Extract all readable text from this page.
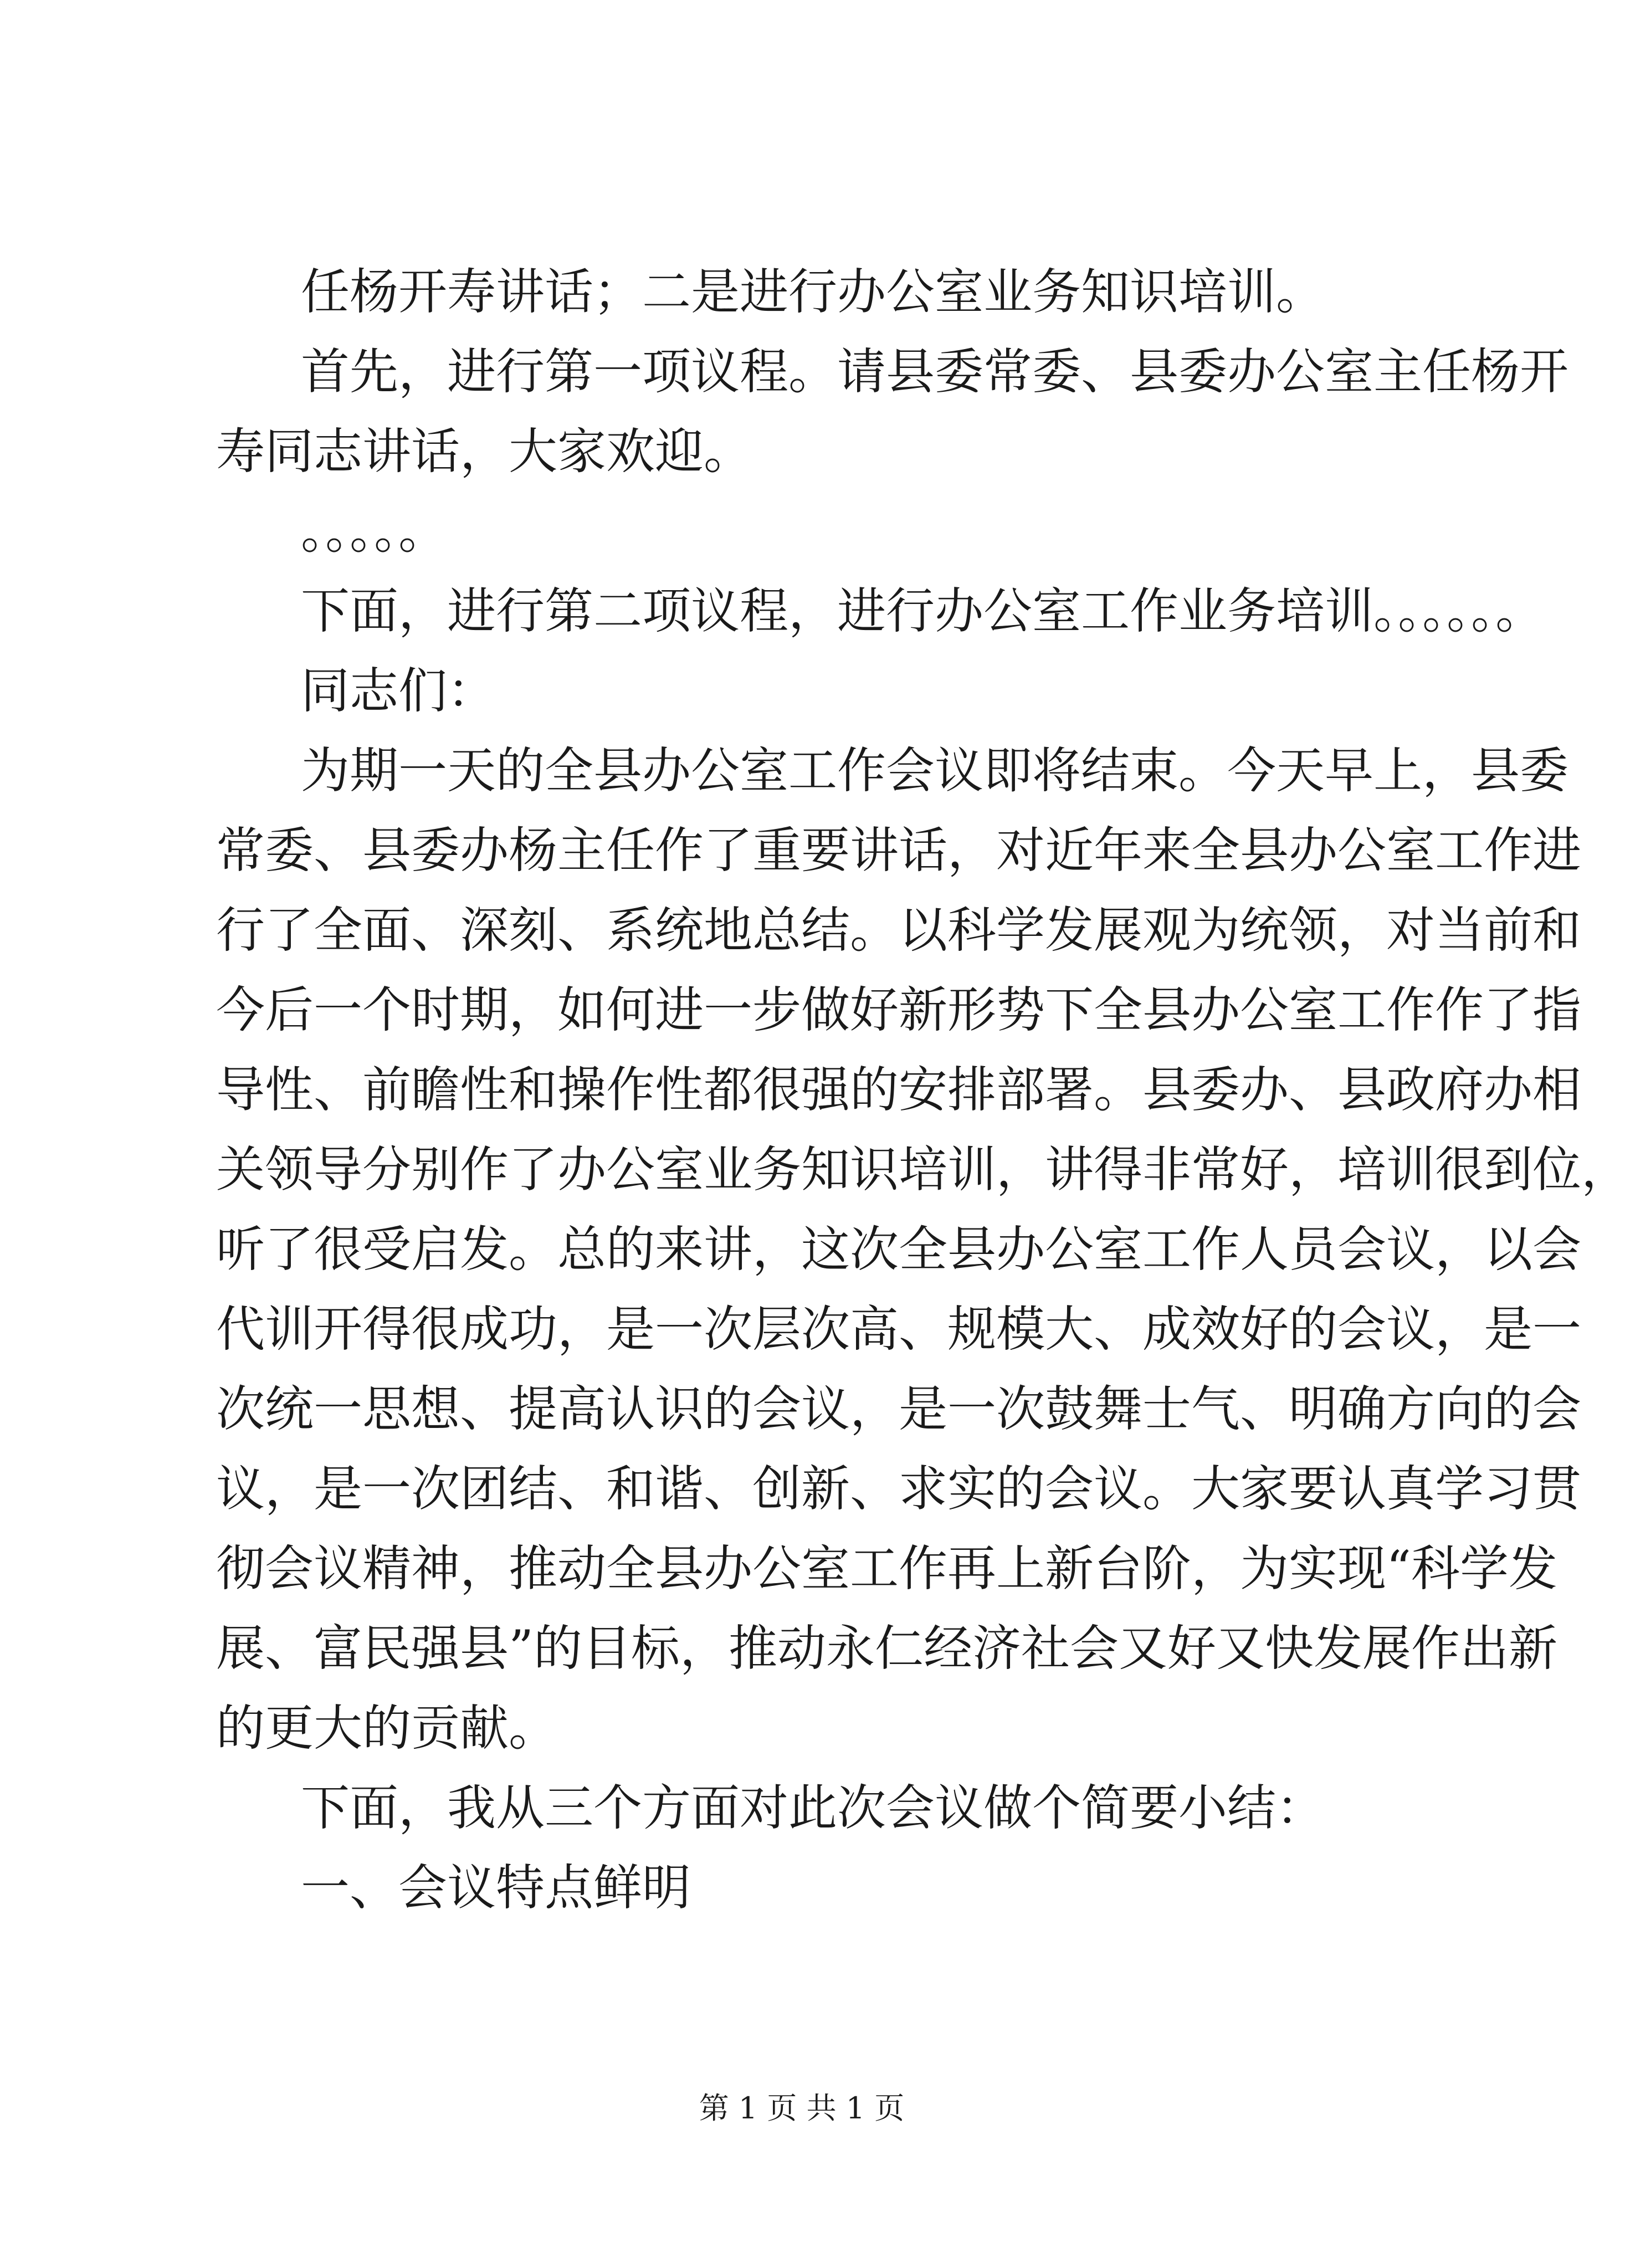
任杨开寿讲话；二是进行办公室业务知识培训。
首先，进行第一项议程。请县委常委、县委办公室主任杨开
寿同志讲话，大家欢迎。
。。。。。
下面，进行第二项议程，进行办公室工作业务培训。。。。。。
同志们：
为期一天的全县办公室工作会议即将结束。今天早上，县委
常委、县委办杨主任作了重要讲话，对近年来全县办公室工作进
行了全面、深刻、系统地总结。以科学发展观为统领，对当前和
今后一个时期，如何进一步做好新形势下全县办公室工作作了指
导性、前瞻性和操作性都很强的安排部署。县委办、县政府办相
关领导分别作了办公室业务知识培训，讲得非常好，培训很到位，
听了很受启发。总的来讲，这次全县办公室工作人员会议，以会
代训开得很成功，是一次层次高、规模大、成效好的会议，是一
次统一思想、提高认识的会议，是一次鼓舞士气、明确方向的会
议，是一次团结、和谐、创新、求实的会议。大家要认真学习贯
彻会议精神，推动全县办公室工作再上新台阶，为实现“科学发
展、富民强县”的目标，推动永仁经济社会又好又快发展作出新
的更大的贡献。
下面，我从三个方面对此次会议做个简要小结：
一、会议特点鲜明
第 1 页 共 1 页
